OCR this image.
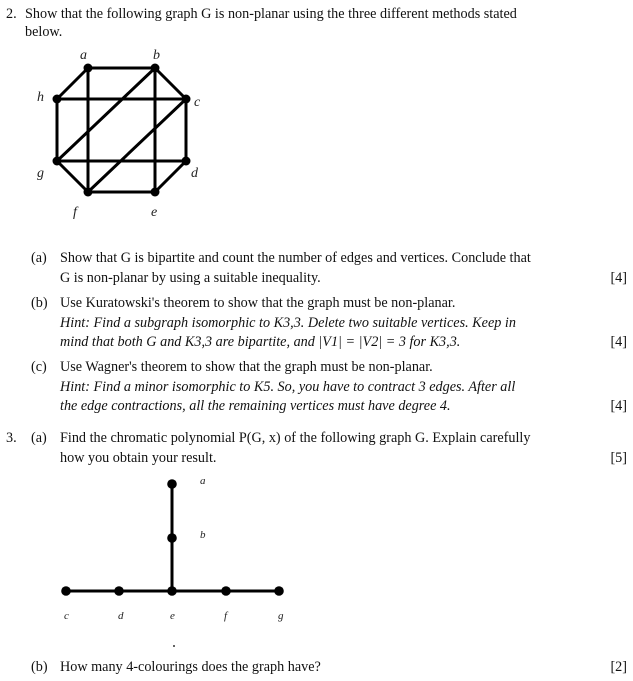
2. Show that the following graph G is non-planar using the three different methods stated
below.
a	b
c
d
e
f
g
h
a
b
c	d	e	f	g
(a) Show that G is bipartite and count the number of edges and vertices. Conclude that
G is non-planar by using a suitable inequality.	[4]
(b) Use Kuratowski's theorem to show that the graph must be non-planar.
Hint: Find a subgraph isomorphic to K3,3. Delete two suitable vertices. Keep in
mind that both G and K3,3 are bipartite, and |V1| = |V2| = 3 for K3,3.	[4]
(c) Use Wagner's theorem to show that the graph must be non-planar.
Hint: Find a minor isomorphic to K5. So, you have to contract 3 edges. After all
the edge contractions, all the remaining vertices must have degree 4.	[4]
3. (a) Find the chromatic polynomial P(G, x) of the following graph G. Explain carefully
how you obtain your result.	[5]
(b) How many 4-colourings does the graph have?	[2]
